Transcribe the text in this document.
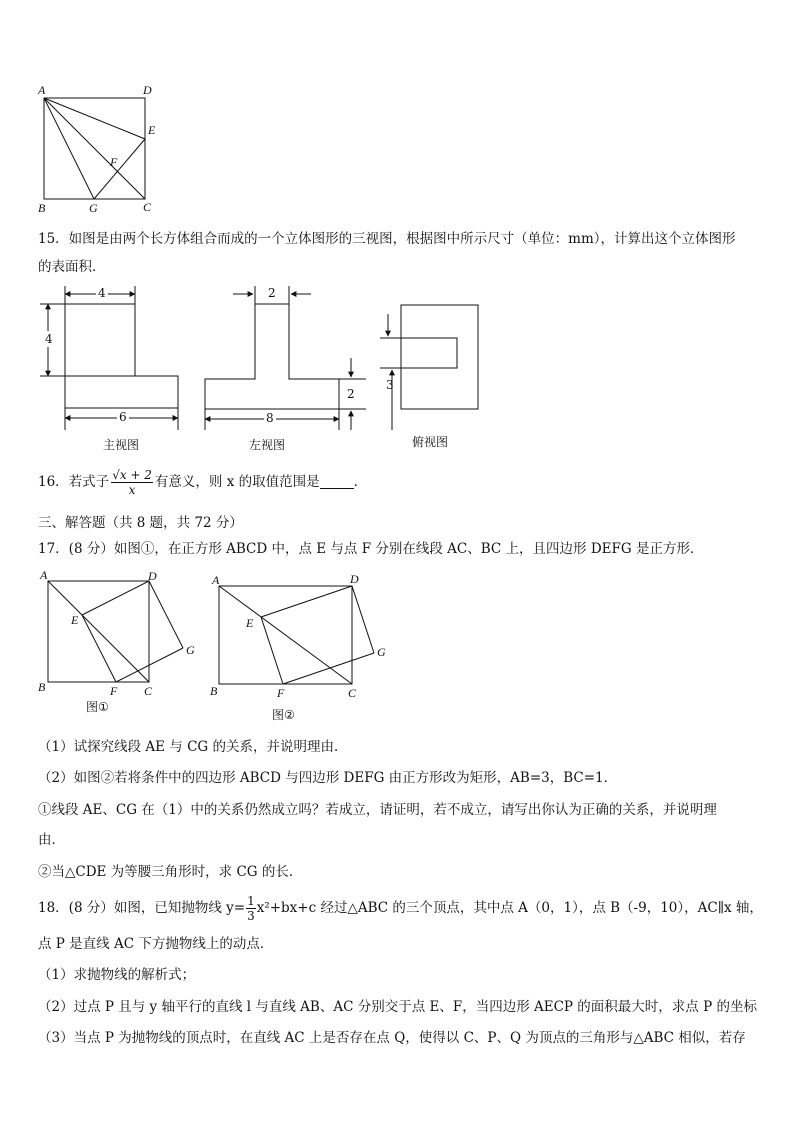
A	D
E
F
B	G	C
15．如图是由两个长方体组合而成的一个立体图形的三视图，根据图中所示尺寸（单位：mm），计算出这个立体图形
的表面积．
4
4
6
主视图
2
2
8
左视图
3
俯视图
16．若式子 $\frac{√x + 2}{x}$ 有意义，则 x 的取值范围是	．
三、解答题（共 8 题，共 72 分）
17．(8 分）如图①，在正方形 ABCD 中，点 E 与点 F 分别在线段 AC、BC 上，且四边形 DEFG 是正方形．
A	D
E
G
B	F C
图①
A	D
E
G
B	F	C
图②
（1）试探究线段 AE 与 CG 的关系，并说明理由．
（2）如图②若将条件中的四边形 ABCD 与四边形 DEFG 由正方形改为矩形，AB=3，BC=1．
①线段 AE、CG 在（1）中的关系仍然成立吗？若成立，请证明，若不成立，请写出你认为正确的关系，并说明理
由．
②当△CDE 为等腰三角形时，求 CG 的长．
18．(8 分）如图，已知抛物线 $y= \frac{1}{3} x^2+bx+c$ 经过△ABC 的三个顶点，其中点 A（0，1），点 B（-9，10），AC∥x 轴，
点 P 是直线 AC 下方抛物线上的动点．
（1）求抛物线的解析式；
（2）过点 P 且与 y 轴平行的直线 l 与直线 AB、AC 分别交于点 E、F，当四边形 AECP 的面积最大时，求点 P 的坐标
（3）当点 P 为抛物线的顶点时，在直线 AC 上是否存在点 Q，使得以 C、P、Q 为顶点的三角形与△ABC 相似，若存
